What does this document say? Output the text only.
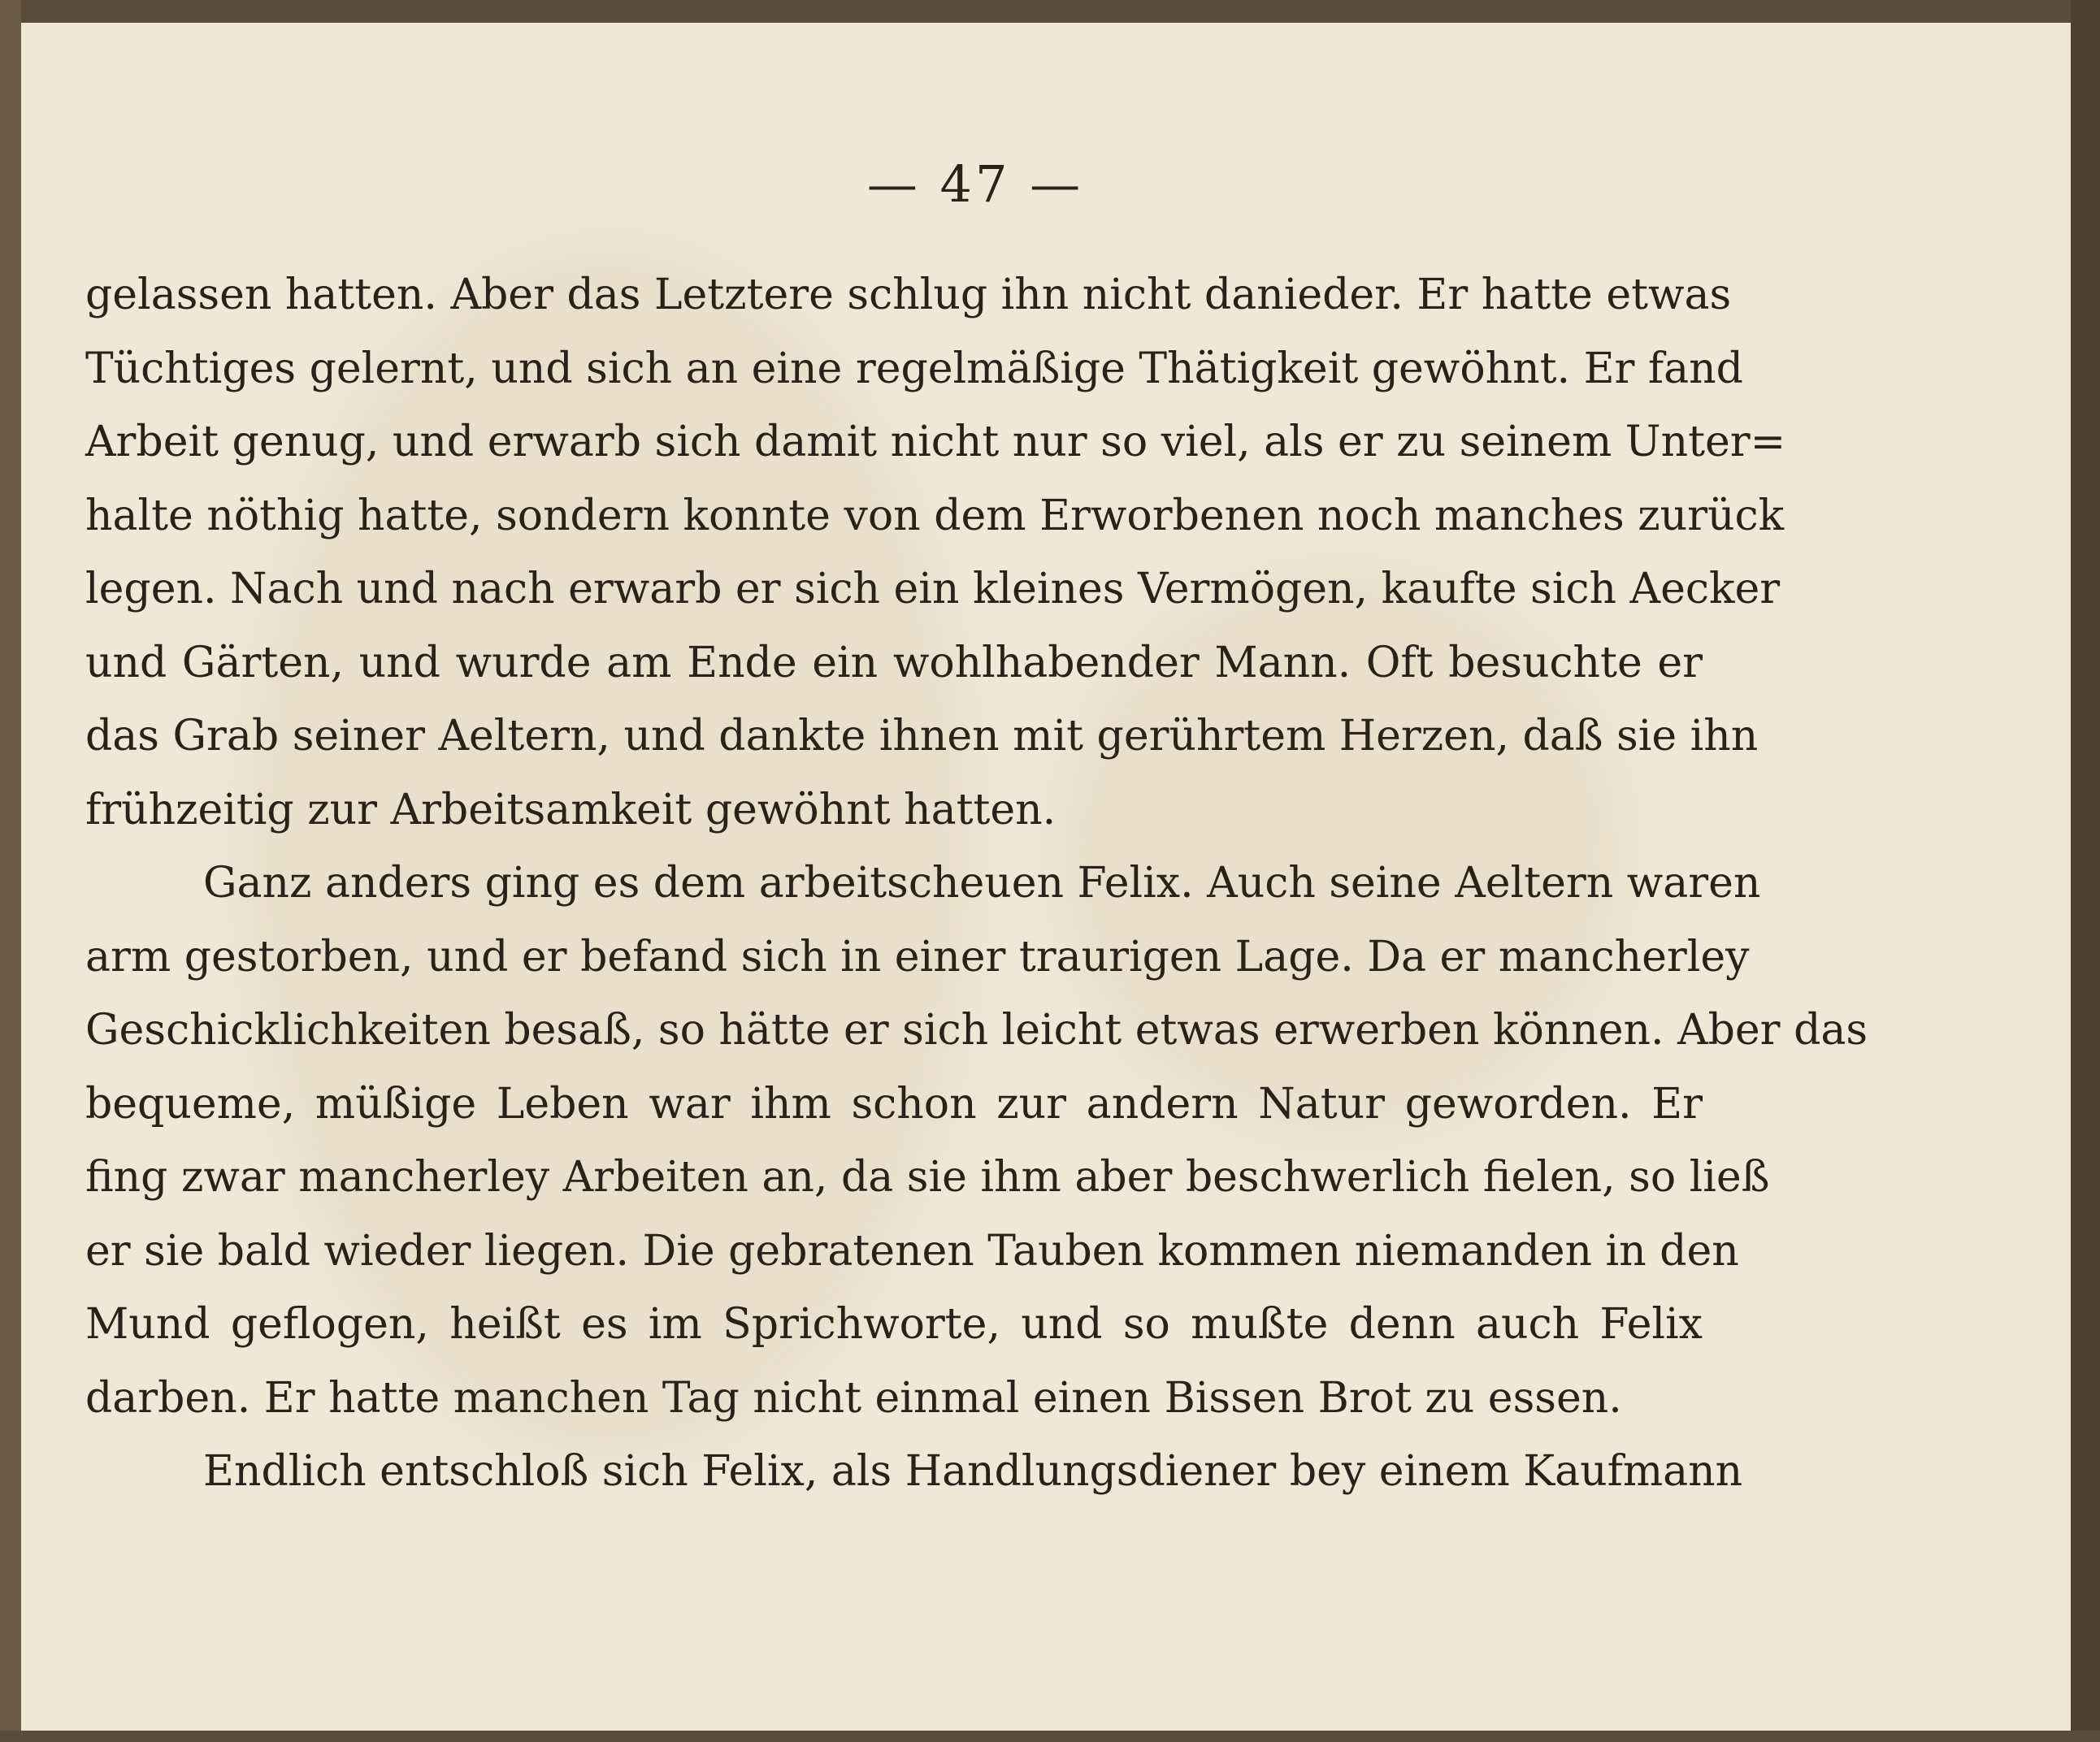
— 47 —
gelassen hatten. Aber das Letztere schlug ihn nicht danieder. Er hatte etwas
Tüchtiges gelernt, und sich an eine regelmäßige Thätigkeit gewöhnt. Er fand
Arbeit genug, und erwarb sich damit nicht nur so viel, als er zu seinem Unter=
halte nöthig hatte, sondern konnte von dem Erworbenen noch manches zurück
legen. Nach und nach erwarb er sich ein kleines Vermögen, kaufte sich Aecker
und Gärten, und wurde am Ende ein wohlhabender Mann. Oft besuchte er
das Grab seiner Aeltern, und dankte ihnen mit gerührtem Herzen, daß sie ihn
frühzeitig zur Arbeitsamkeit gewöhnt hatten.
Ganz anders ging es dem arbeitscheuen Felix. Auch seine Aeltern waren
arm gestorben, und er befand sich in einer traurigen Lage. Da er mancherley
Geschicklichkeiten besaß, so hätte er sich leicht etwas erwerben können. Aber das
bequeme, müßige Leben war ihm schon zur andern Natur geworden. Er
fing zwar mancherley Arbeiten an, da sie ihm aber beschwerlich fielen, so ließ
er sie bald wieder liegen. Die gebratenen Tauben kommen niemanden in den
Mund geflogen, heißt es im Sprichworte, und so mußte denn auch Felix
darben. Er hatte manchen Tag nicht einmal einen Bissen Brot zu essen.
Endlich entschloß sich Felix, als Handlungsdiener bey einem Kaufmann
